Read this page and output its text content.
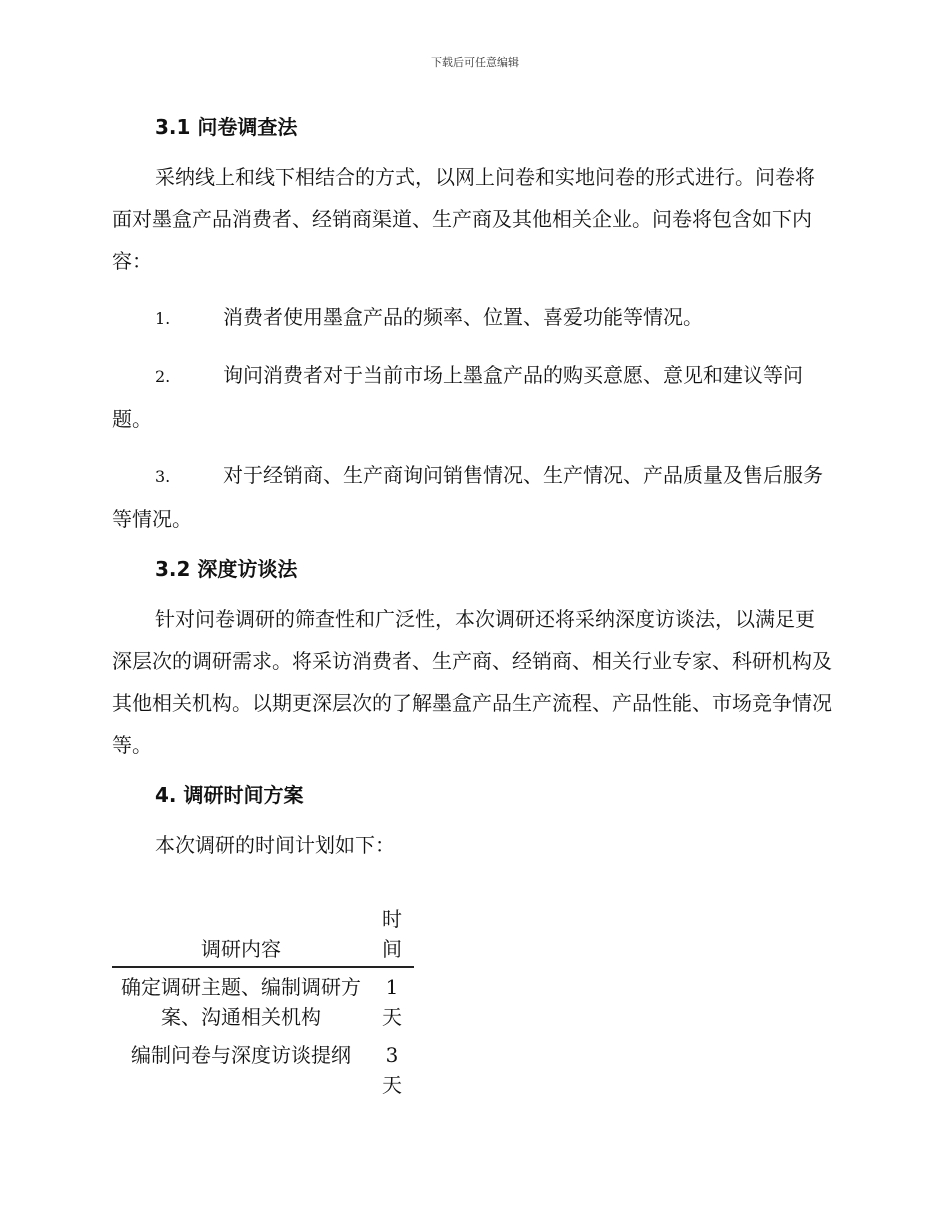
下载后可任意编辑
3.1 问卷调查法

采纳线上和线下相结合的方式，以网上问卷和实地问卷的形式进行。问卷将面对墨盒产品消费者、经销商渠道、生产商及其他相关企业。问卷将包含如下内容：

1.	消费者使用墨盒产品的频率、位置、喜爱功能等情况。
2.	询问消费者对于当前市场上墨盒产品的购买意愿、意见和建议等问题。
3.	对于经销商、生产商询问销售情况、生产情况、产品质量及售后服务等情况。
3.2 深度访谈法

针对问卷调研的筛查性和广泛性，本次调研还将采纳深度访谈法，以满足更深层次的调研需求。将采访消费者、生产商、经销商、相关行业专家、科研机构及其他相关机构。以期更深层次的了解墨盒产品生产流程、产品性能、市场竞争情况等。

4. 调研时间方案

本次调研的时间计划如下：

调研内容	时间
确定调研主题、编制调研方案、沟通相关机构	1天
编制问卷与深度访谈提纲	3天
